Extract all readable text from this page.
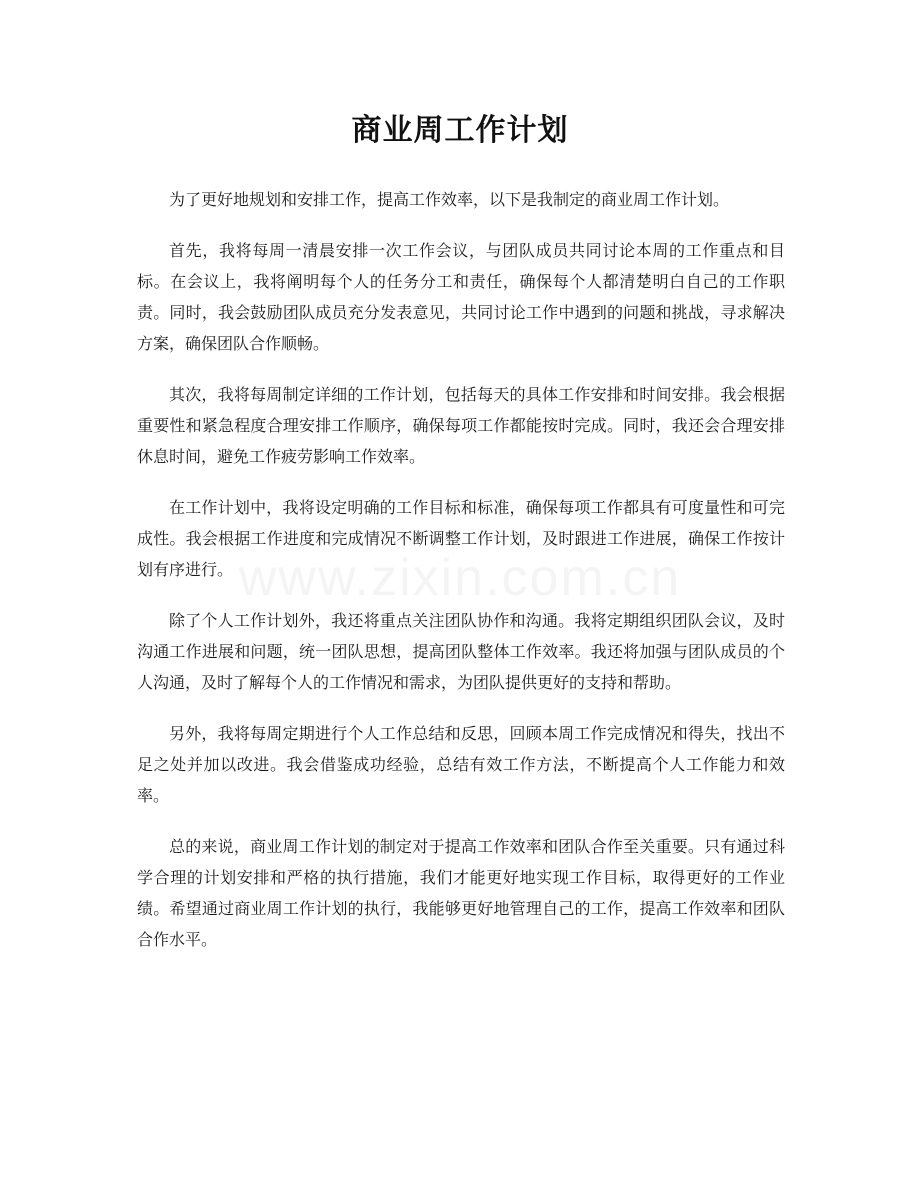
商业周工作计划

为了更好地规划和安排工作，提高工作效率，以下是我制定的商业周工作计划。

首先，我将每周一清晨安排一次工作会议，与团队成员共同讨论本周的工作重点和目标。在会议上，我将阐明每个人的任务分工和责任，确保每个人都清楚明白自己的工作职责。同时，我会鼓励团队成员充分发表意见，共同讨论工作中遇到的问题和挑战，寻求解决方案，确保团队合作顺畅。

其次，我将每周制定详细的工作计划，包括每天的具体工作安排和时间安排。我会根据重要性和紧急程度合理安排工作顺序，确保每项工作都能按时完成。同时，我还会合理安排休息时间，避免工作疲劳影响工作效率。

在工作计划中，我将设定明确的工作目标和标准，确保每项工作都具有可度量性和可完成性。我会根据工作进度和完成情况不断调整工作计划，及时跟进工作进展，确保工作按计划有序进行。

除了个人工作计划外，我还将重点关注团队协作和沟通。我将定期组织团队会议，及时沟通工作进展和问题，统一团队思想，提高团队整体工作效率。我还将加强与团队成员的个人沟通，及时了解每个人的工作情况和需求，为团队提供更好的支持和帮助。

另外，我将每周定期进行个人工作总结和反思，回顾本周工作完成情况和得失，找出不足之处并加以改进。我会借鉴成功经验，总结有效工作方法，不断提高个人工作能力和效率。

总的来说，商业周工作计划的制定对于提高工作效率和团队合作至关重要。只有通过科学合理的计划安排和严格的执行措施，我们才能更好地实现工作目标，取得更好的工作业绩。希望通过商业周工作计划的执行，我能够更好地管理自己的工作，提高工作效率和团队合作水平。
